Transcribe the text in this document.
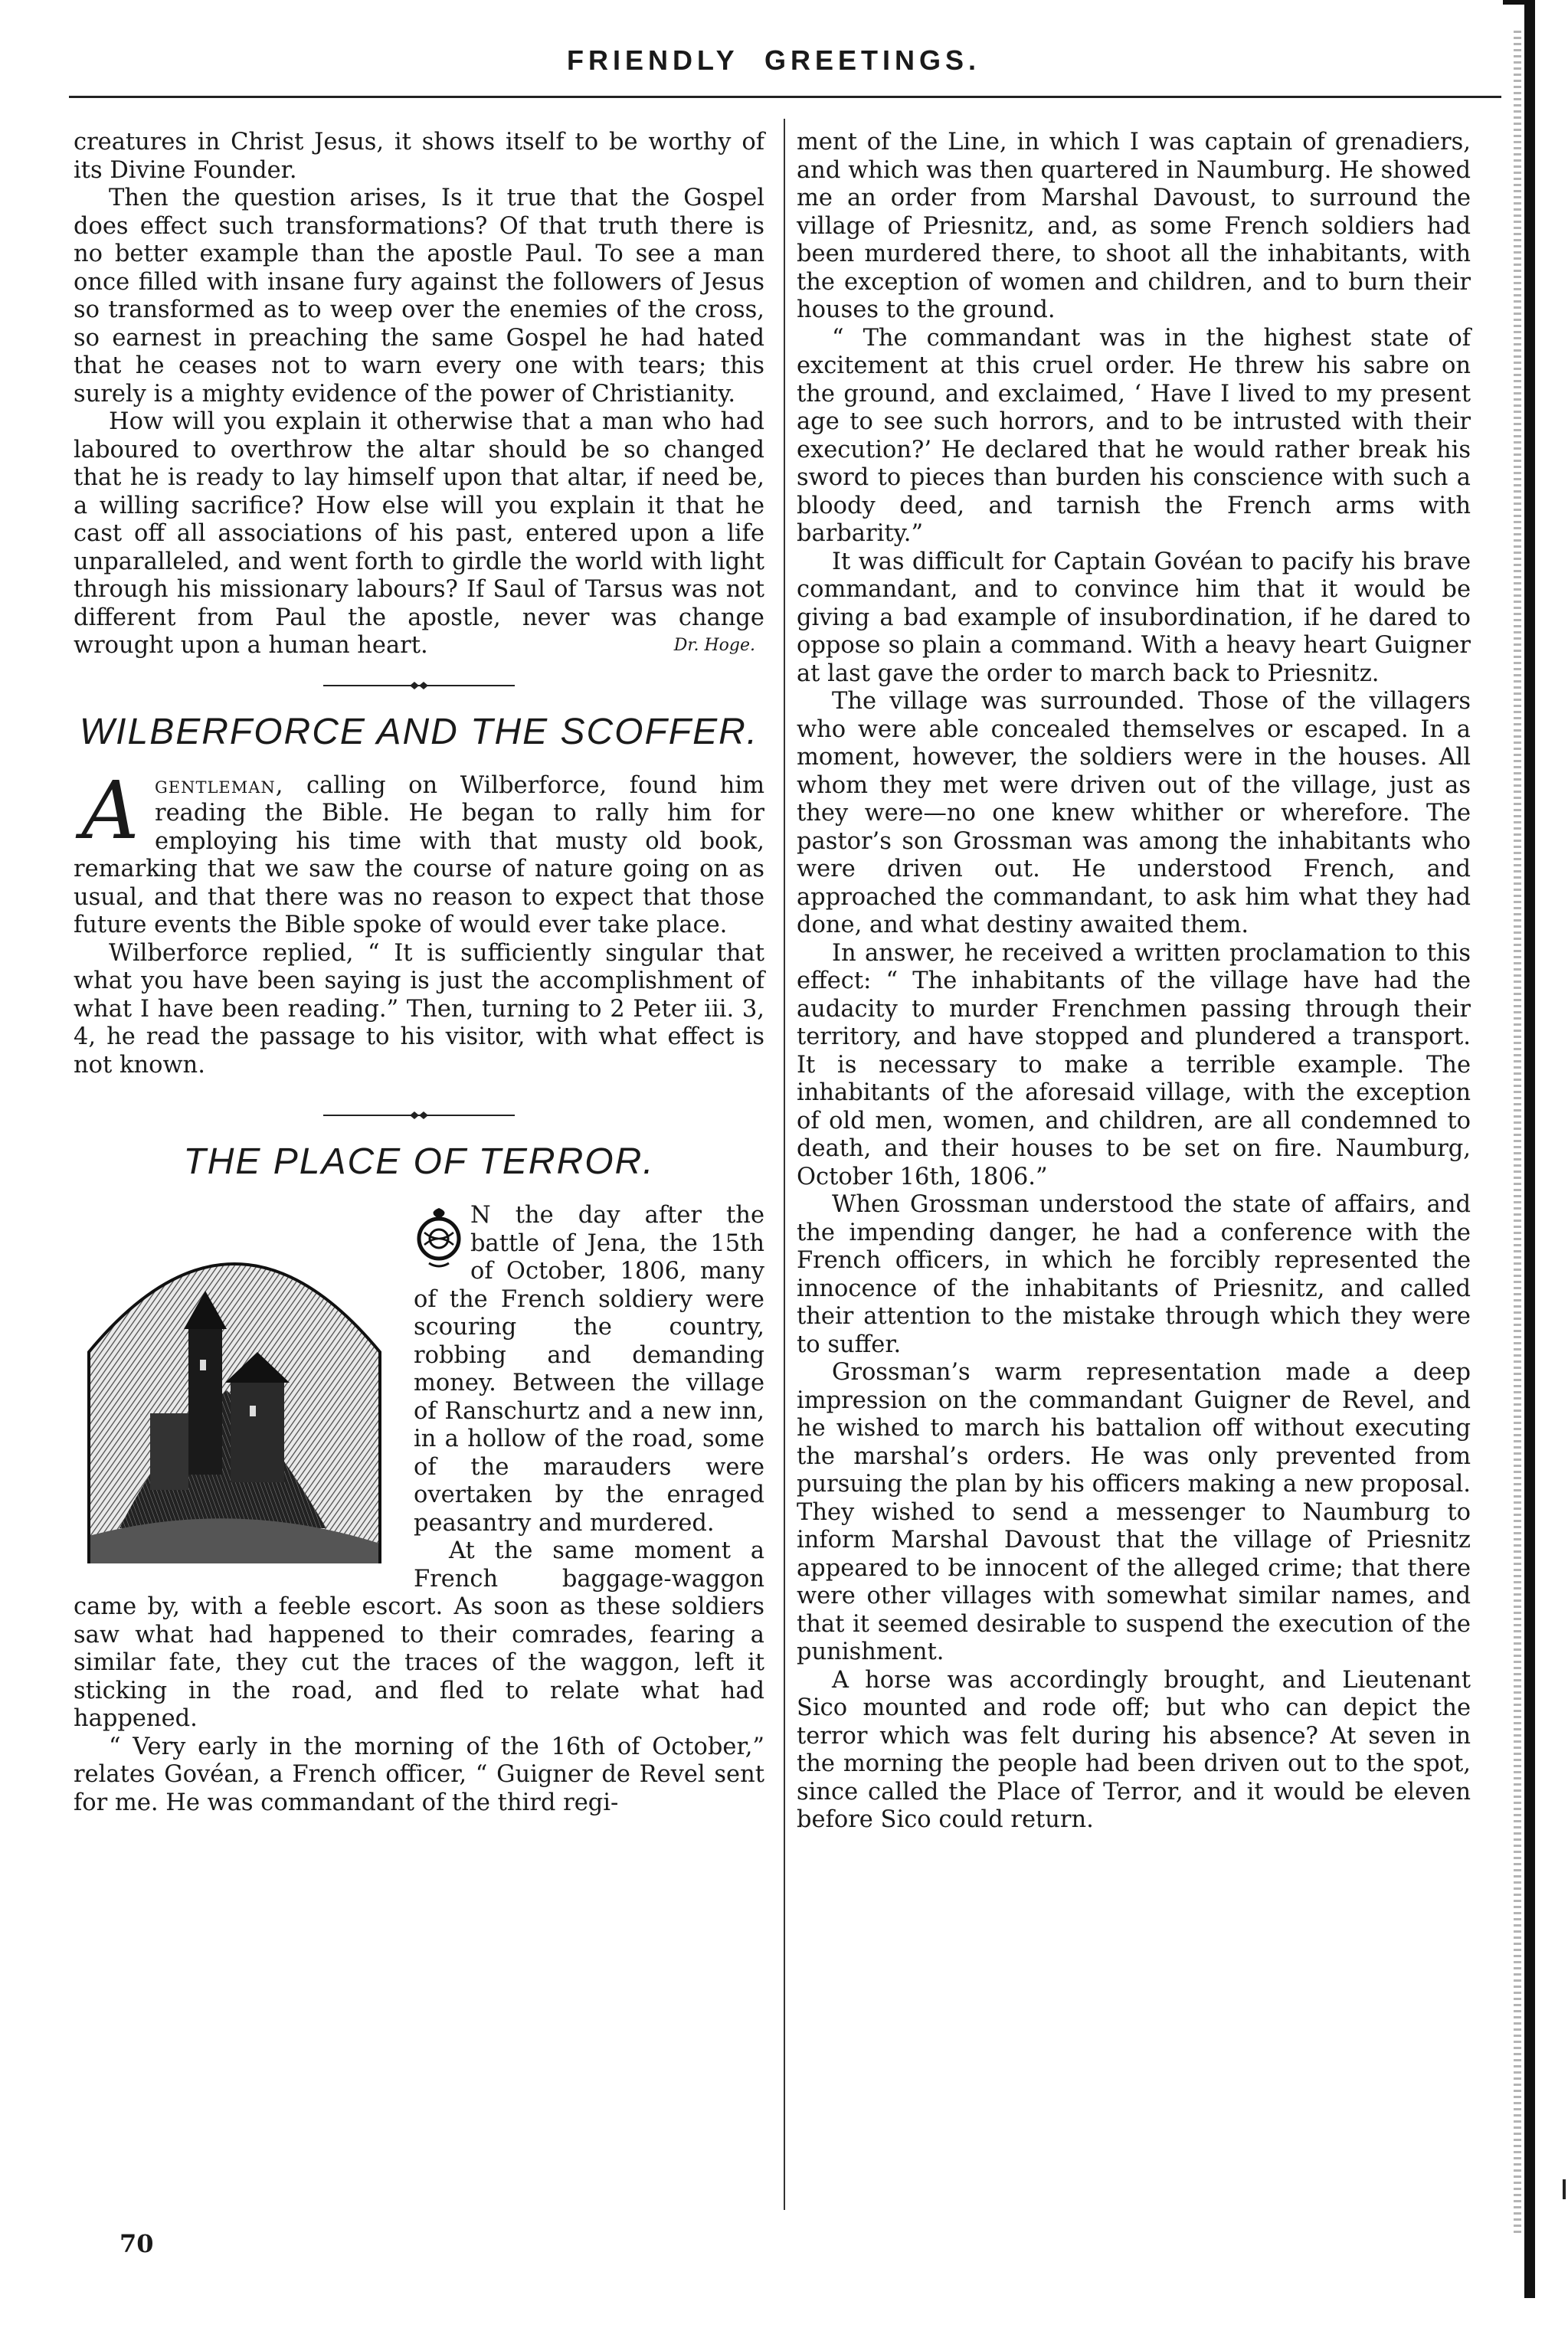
FRIENDLY GREETINGS.

creatures in Christ Jesus, it shows itself to be worthy of its Divine Founder.

Then the question arises, Is it true that the Gospel does effect such transformations? Of that truth there is no better example than the apostle Paul. To see a man once filled with insane fury against the followers of Jesus so transformed as to weep over the enemies of the cross, so earnest in preaching the same Gospel he had hated that he ceases not to warn every one with tears; this surely is a mighty evidence of the power of Christianity.

How will you explain it otherwise that a man who had laboured to overthrow the altar should be so changed that he is ready to lay himself upon that altar, if need be, a willing sacrifice? How else will you explain it that he cast off all associations of his past, entered upon a life unparalleled, and went forth to girdle the world with light through his missionary labours? If Saul of Tarsus was not different from Paul the apostle, never was change wrought upon a human heart.	Dr. Hoge.
WILBERFORCE AND THE SCOFFER.

Agentleman, calling on Wilberforce, found him reading the Bible. He began to rally him for employing his time with that musty old book, remarking that we saw the course of nature going on as usual, and that there was no reason to expect that those future events the Bible spoke of would ever take place.

Wilberforce replied, “ It is sufficiently singular that what you have been saying is just the accomplishment of what I have been reading.” Then, turning to 2 Peter iii. 3, 4, he read the passage to his visitor, with what effect is not known.

THE PLACE OF TERROR.

N the day after the battle of Jena, the 15th of October, 1806, many of the French soldiery were scouring the country, robbing and demanding money. Between the village of Ranschurtz and a new inn, in a hollow of the road, some of the marauders were overtaken by the enraged peasantry and murdered.

At the same moment a French baggage-waggon came by, with a feeble escort. As soon as these soldiers saw what had happened to their comrades, fearing a similar fate, they cut the traces of the waggon, left it sticking in the road, and fled to relate what had happened.

“ Very early in the morning of the 16th of October,” relates Govéan, a French officer, “ Guigner de Revel sent for me. He was commandant of the third regi-

ment of the Line, in which I was captain of grenadiers, and which was then quartered in Naumburg. He showed me an order from Marshal Davoust, to surround the village of Priesnitz, and, as some French soldiers had been murdered there, to shoot all the inhabitants, with the exception of women and children, and to burn their houses to the ground.

“ The commandant was in the highest state of excitement at this cruel order. He threw his sabre on the ground, and exclaimed, ‘ Have I lived to my present age to see such horrors, and to be intrusted with their execution?’ He declared that he would rather break his sword to pieces than burden his conscience with such a bloody deed, and tarnish the French arms with barbarity.”

It was difficult for Captain Govéan to pacify his brave commandant, and to convince him that it would be giving a bad example of insubordination, if he dared to oppose so plain a command. With a heavy heart Guigner at last gave the order to march back to Priesnitz.

The village was surrounded. Those of the villagers who were able concealed themselves or escaped. In a moment, however, the soldiers were in the houses. All whom they met were driven out of the village, just as they were—no one knew whither or wherefore. The pastor’s son Grossman was among the inhabitants who were driven out. He understood French, and approached the commandant, to ask him what they had done, and what destiny awaited them.

In answer, he received a written proclamation to this effect: “ The inhabitants of the village have had the audacity to murder Frenchmen passing through their territory, and have stopped and plundered a transport. It is necessary to make a terrible example. The inhabitants of the aforesaid village, with the exception of old men, women, and children, are all condemned to death, and their houses to be set on fire. Naumburg, October 16th, 1806.”

When Grossman understood the state of affairs, and the impending danger, he had a conference with the French officers, in which he forcibly represented the innocence of the inhabitants of Priesnitz, and called their attention to the mistake through which they were to suffer.

Grossman’s warm representation made a deep impression on the commandant Guigner de Revel, and he wished to march his battalion off without executing the marshal’s orders. He was only prevented from pursuing the plan by his officers making a new proposal. They wished to send a messenger to Naumburg to inform Marshal Davoust that the village of Priesnitz appeared to be innocent of the alleged crime; that there were other villages with somewhat similar names, and that it seemed desirable to suspend the execution of the punishment.

A horse was accordingly brought, and Lieutenant Sico mounted and rode off; but who can depict the terror which was felt during his absence? At seven in the morning the people had been driven out to the spot, since called the Place of Terror, and it would be eleven before Sico could return.

70
